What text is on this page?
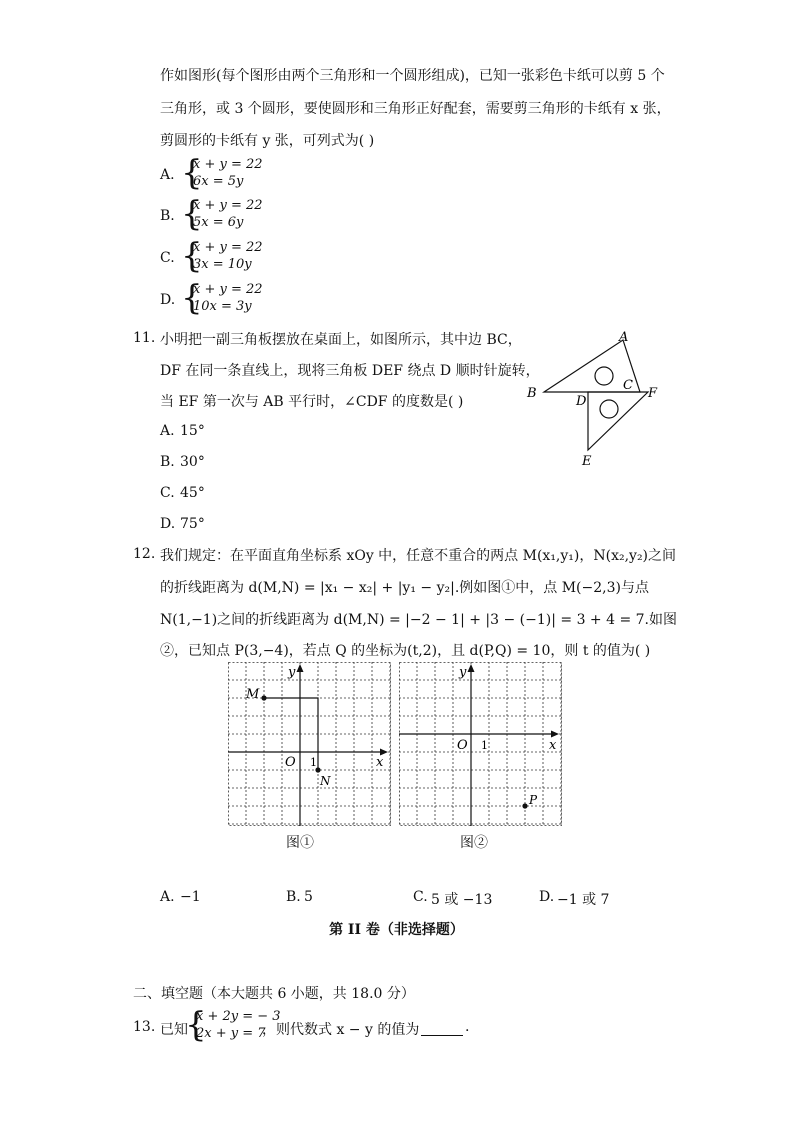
作如图形(每个图形由两个三角形和一个圆形组成)，已知一张彩色卡纸可以剪 5 个
三角形，或 3 个圆形，要使圆形和三角形正好配套，需要剪三角形的卡纸有 x 张，
剪圆形的卡纸有 y 张，可列式为( )
A. {
x + y = 22
6x = 5y
B. {
x + y = 22
5x = 6y
C. {
x + y = 22
3x = 10y
D. {
x + y = 22
10x = 3y
11. 小明把一副三角板摆放在桌面上，如图所示，其中边 BC，
DF 在同一条直线上，现将三角板 DEF 绕点 D 顺时针旋转，
当 EF 第一次与 AB 平行时，∠CDF 的度数是( )
A. 15°
B. 30°
C. 45°
D. 75°
A
B
C
D
F
E
12. 我们规定：在平面直角坐标系 xOy 中，任意不重合的两点 M(x₁,y₁)，N(x₂,y₂)之间
的折线距离为 d(M,N) = |x₁ − x₂| + |y₁ − y₂|.例如图①中，点 M(−2,3)与点
N(1,−1)之间的折线距离为 d(M,N) = |−2 − 1| + |3 − (−1)| = 3 + 4 = 7.如图
②，已知点 P(3,−4)，若点 Q 的坐标为(t,2)，且 d(P,Q) = 10，则 t 的值为( )
M
N
O 1	x
y
图①
P
O 1	x
y
图②
A. −1	B. 5	C. 5 或 −13	D. −1 或 7
第 II 卷（非选择题）
二、填空题（本大题共 6 小题，共 18.0 分）
13. 已知
{
x + 2y = − 3
2x + y = 7
，则代数式 x − y 的值为	.
